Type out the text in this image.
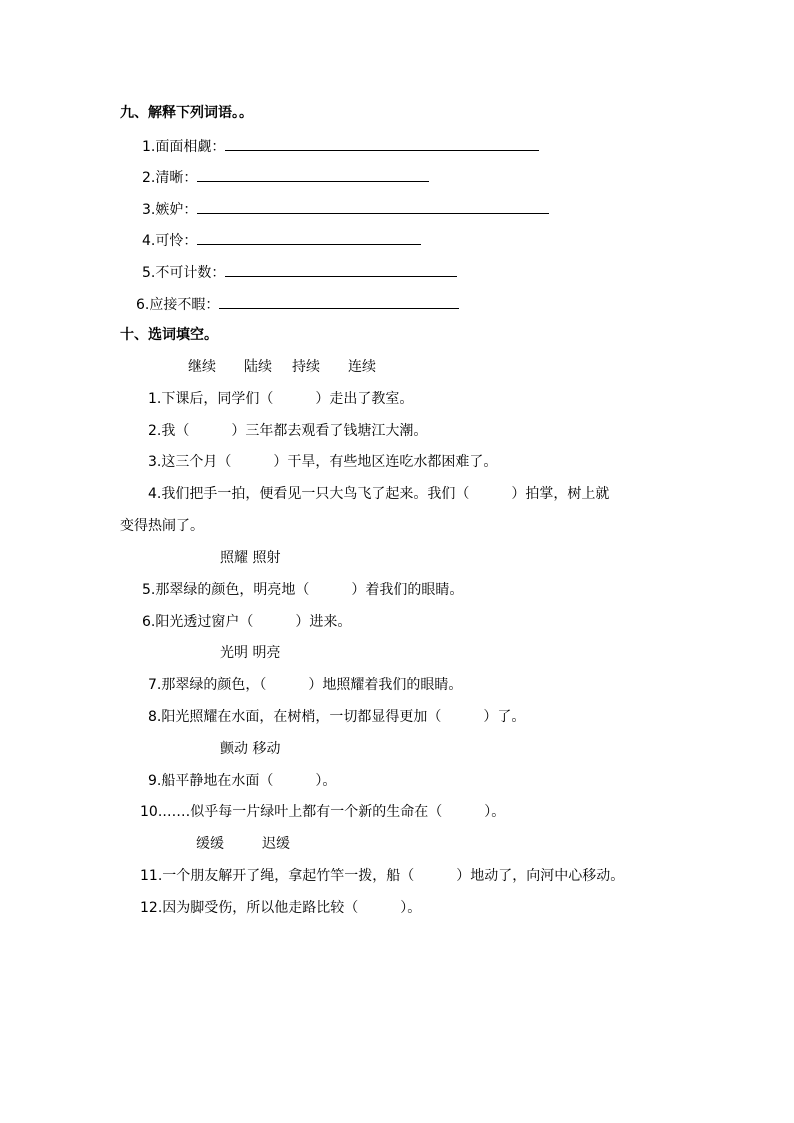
九、解释下列词语。。
1.面面相觑：
2.清晰：
3.嫉妒：
4.可怜：
5.不可计数：
6.应接不暇：
十、选词填空。
继续 陆续 持续 连续
1.下课后，同学们（　　　）走出了教室。
2.我（　　　）三年都去观看了钱塘江大潮。
3.这三个月（　　　）干旱，有些地区连吃水都困难了。
4.我们把手一拍，便看见一只大鸟飞了起来。我们（　　　）拍掌，树上就
变得热闹了。
照耀 照射
5.那翠绿的颜色，明亮地（　　　）着我们的眼睛。
6.阳光透过窗户（　　　）进来。
光明 明亮
7.那翠绿的颜色，（　　　）地照耀着我们的眼睛。
8.阳光照耀在水面，在树梢，一切都显得更加（　　　）了。
颤动 移动
9.船平静地在水面（　　　）。
10.……似乎每一片绿叶上都有一个新的生命在（　　　）。
缓缓	迟缓
11.一个朋友解开了绳，拿起竹竿一拨，船（　　　）地动了，向河中心移动。
12.因为脚受伤，所以他走路比较（　　　）。
